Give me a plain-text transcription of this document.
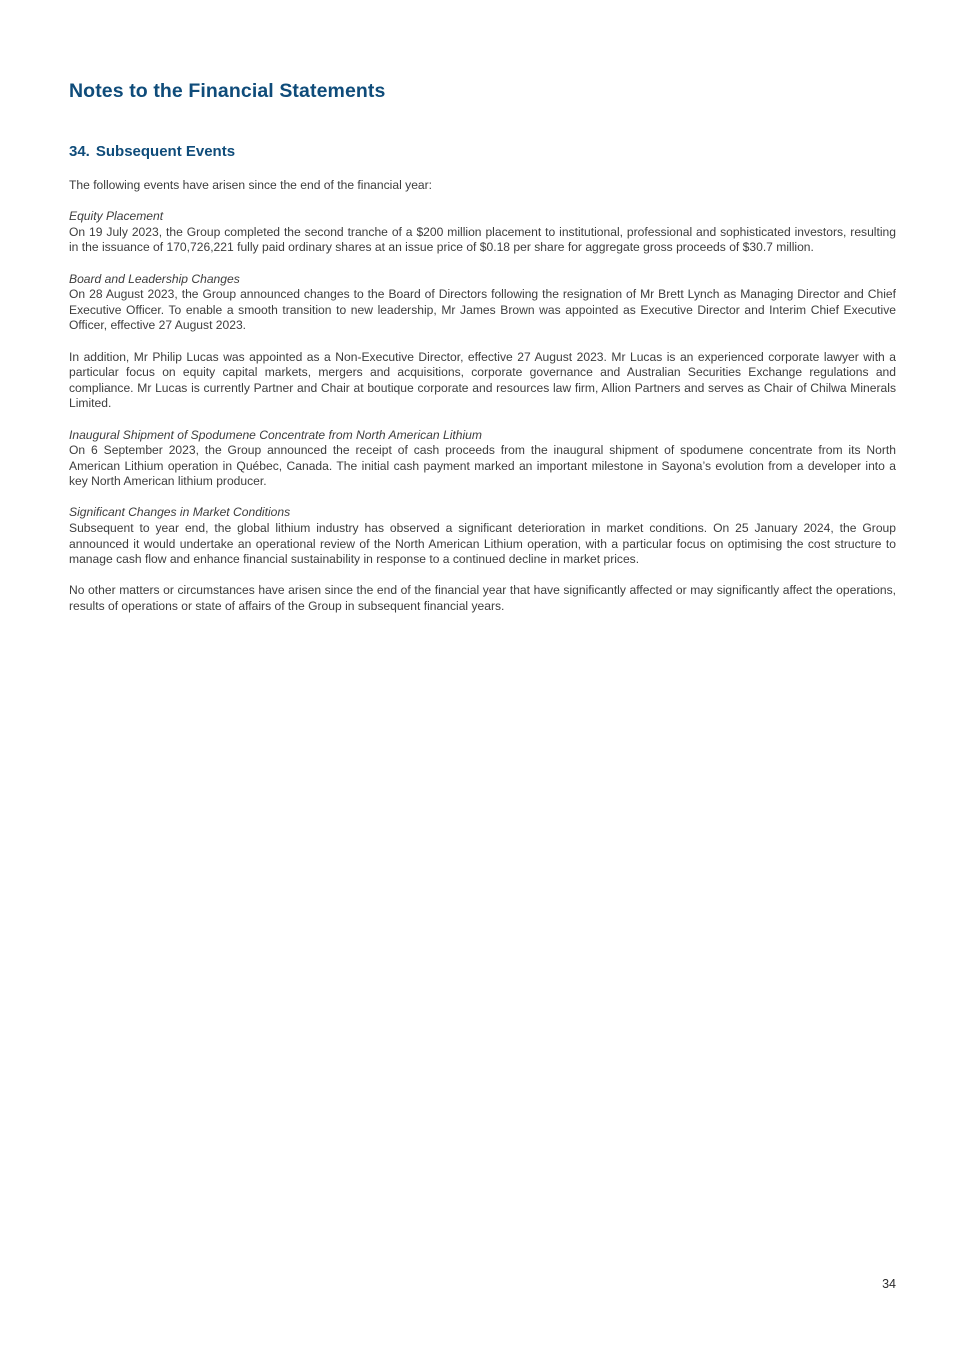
Notes to the Financial Statements
34. Subsequent Events

The following events have arisen since the end of the financial year:

Equity Placement

On 19 July 2023, the Group completed the second tranche of a $200 million placement to institutional, professional and sophisticated investors, resulting in the issuance of 170,726,221 fully paid ordinary shares at an issue price of $0.18 per share for aggregate gross proceeds of $30.7 million.

Board and Leadership Changes

On 28 August 2023, the Group announced changes to the Board of Directors following the resignation of Mr Brett Lynch as Managing Director and Chief Executive Officer. To enable a smooth transition to new leadership, Mr James Brown was appointed as Executive Director and Interim Chief Executive Officer, effective 27 August 2023.

In addition, Mr Philip Lucas was appointed as a Non-Executive Director, effective 27 August 2023. Mr Lucas is an experienced corporate lawyer with a particular focus on equity capital markets, mergers and acquisitions, corporate governance and Australian Securities Exchange regulations and compliance. Mr Lucas is currently Partner and Chair at boutique corporate and resources law firm, Allion Partners and serves as Chair of Chilwa Minerals Limited.

Inaugural Shipment of Spodumene Concentrate from North American Lithium

On 6 September 2023, the Group announced the receipt of cash proceeds from the inaugural shipment of spodumene concentrate from its North American Lithium operation in Québec, Canada. The initial cash payment marked an important milestone in Sayona’s evolution from a developer into a key North American lithium producer.

Significant Changes in Market Conditions

Subsequent to year end, the global lithium industry has observed a significant deterioration in market conditions. On 25 January 2024, the Group announced it would undertake an operational review of the North American Lithium operation, with a particular focus on optimising the cost structure to manage cash flow and enhance financial sustainability in response to a continued decline in market prices.

No other matters or circumstances have arisen since the end of the financial year that have significantly affected or may significantly affect the operations, results of operations or state of affairs of the Group in subsequent financial years.

34
